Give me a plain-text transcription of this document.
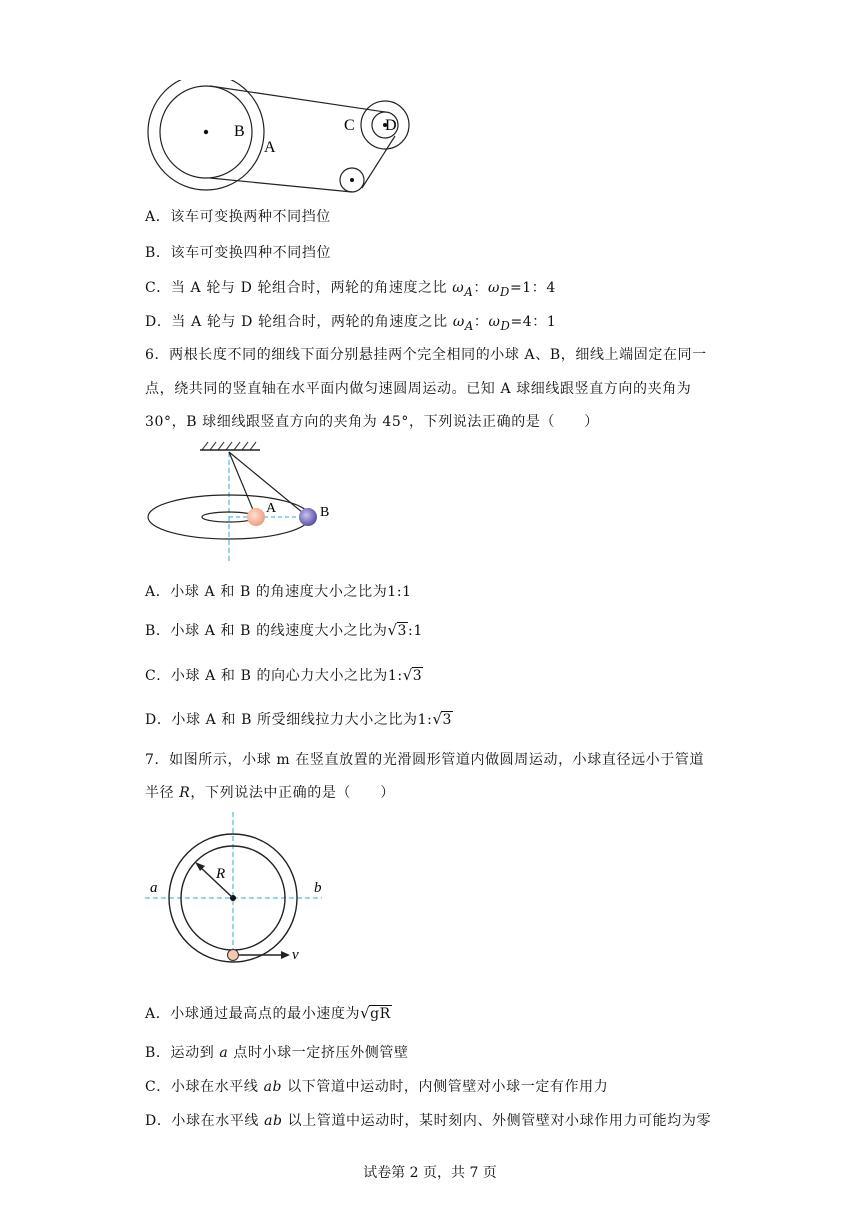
B
A
C D
A．该车可变换两种不同挡位
B．该车可变换四种不同挡位
C．当 A 轮与 D 轮组合时，两轮的角速度之比 $\omega_A$：$\omega_D=1$：4
D．当 A 轮与 D 轮组合时，两轮的角速度之比 $\omega_A$：$\omega_D=4$：1
6．两根长度不同的细线下面分别悬挂两个完全相同的小球 A、B，细线上端固定在同一
点，绕共同的竖直轴在水平面内做匀速圆周运动。已知 A 球细线跟竖直方向的夹角为
30°，B 球细线跟竖直方向的夹角为 45°，下列说法正确的是（　　）
A	B
A．小球 A 和 B 的角速度大小之比为1:1
B．小球 A 和 B 的线速度大小之比为 √ 3:1
C．小球 A 和 B 的向心力大小之比为1: √ 3
D．小球 A 和 B 所受细线拉力大小之比为1: √ 3
7．如图所示，小球 m 在竖直放置的光滑圆形管道内做圆周运动，小球直径远小于管道
半径 R，下列说法中正确的是（　　）
a	b
R
v
A．小球通过最高点的最小速度为 √ gR
B．运动到 a 点时小球一定挤压外侧管壁
C．小球在水平线 ab 以下管道中运动时，内侧管壁对小球一定有作用力
D．小球在水平线 ab 以上管道中运动时，某时刻内、外侧管壁对小球作用力可能均为零
试卷第 2 页，共 7 页
